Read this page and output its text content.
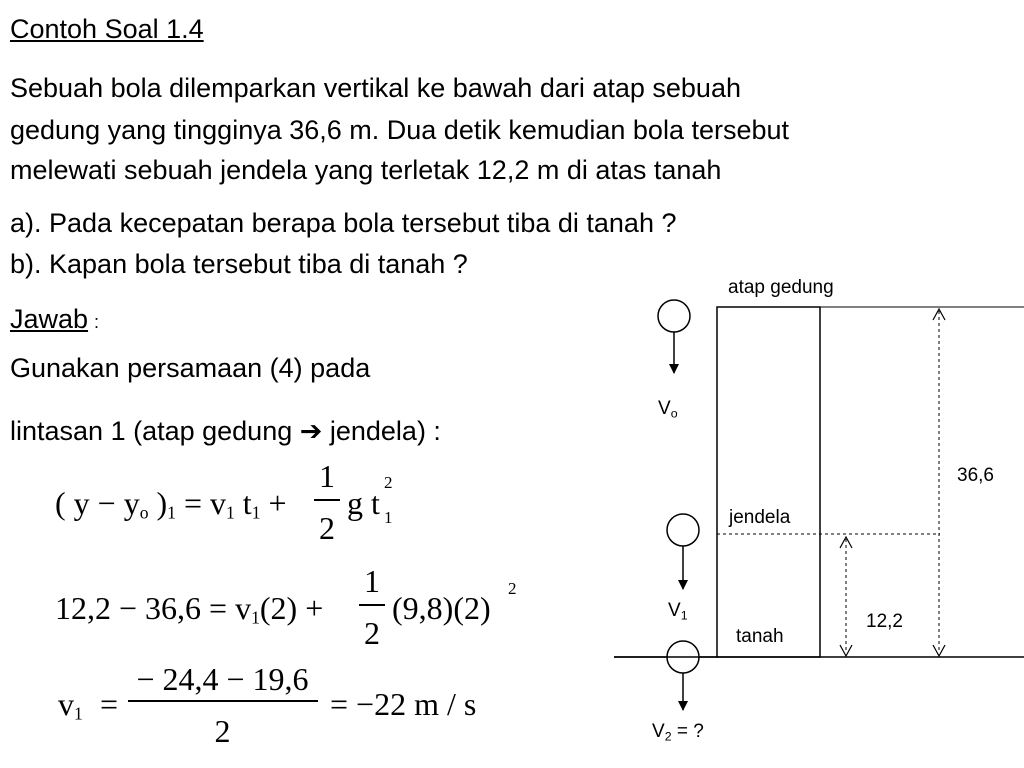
Contoh Soal 1.4
Sebuah bola dilemparkan vertikal ke bawah dari atap sebuah
gedung yang tingginya 36,6 m. Dua detik kemudian bola tersebut
melewati sebuah jendela yang terletak 12,2 m di atas tanah
a). Pada kecepatan berapa bola tersebut tiba di tanah ?
b). Kapan bola tersebut tiba di tanah ?
Jawab :
Gunakan persamaan (4) pada
lintasan 1 (atap gedung ➔ jendela) :
( $y - y_o$ )$_1 = v_1$ $t_1$ +
1
2
g t
2
1
$12,2 - 36,6 = v_1(2)$ +
1
2
(9,8)(2)
2
$v_1$ =
− 24,4 − 19,6
2
= −22 m / s
atap gedung
jendela
tanah
$V_o$
$V_1$
$V_2$ = ?
36,6
12,2
